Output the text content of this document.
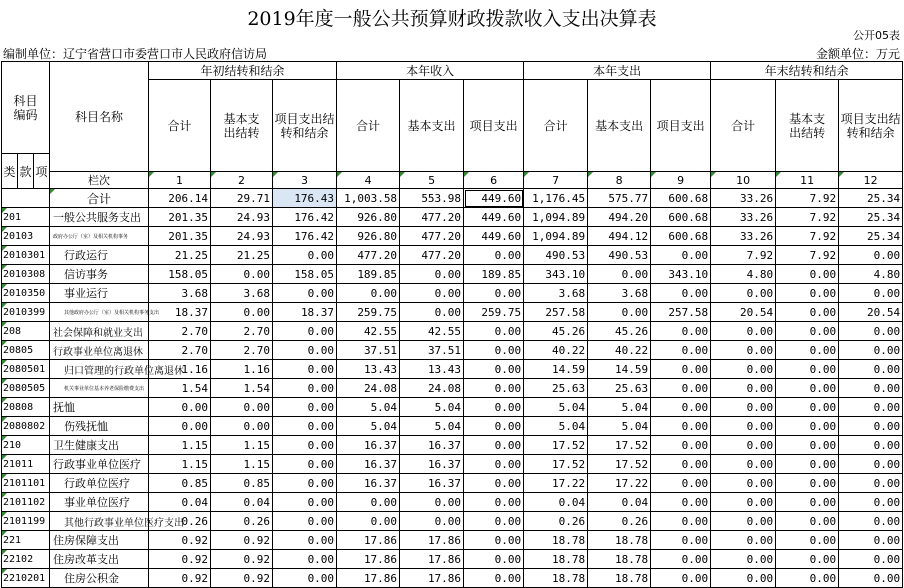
2019年度一般公共预算财政拨款收入支出决算表
公开05表
编制单位：辽宁省营口市委营口市人民政府信访局	金额单位：万元
科目编码			科目名称	年初结转和结余			本年收入			本年支出			年末结转和结余		
				合计	基本支出结转	项目支出结转和结余	合计	基本支出	项目支出	合计	基本支出	项目支出	合计	基本支出结转	项目支出结转和结余
类	款	项													
			栏次	1	2	3	4	5	6	7	8	9	10	11	12
			合计	206.14	29.71	176.43	1,003.58	553.98	449.60	1,176.45	575.77	600.68	33.26	7.92	25.34
201			一般公共服务支出	201.35	24.93	176.42	926.80	477.20	449.60	1,094.89	494.20	600.68	33.26	7.92	25.34
20103			政府办公厅（室）及相关机构事务	201.35	24.93	176.42	926.80	477.20	449.60	1,094.89	494.12	600.68	33.26	7.92	25.34
2010301			行政运行	21.25	21.25	0.00	477.20	477.20	0.00	490.53	490.53	0.00	7.92	7.92	0.00
2010308			信访事务	158.05	0.00	158.05	189.85	0.00	189.85	343.10	0.00	343.10	4.80	0.00	4.80
2010350			事业运行	3.68	3.68	0.00	0.00	0.00	0.00	3.68	3.68	0.00	0.00	0.00	0.00
2010399			其他政府办公厅（室）及相关机构事务支出	18.37	0.00	18.37	259.75	0.00	259.75	257.58	0.00	257.58	20.54	0.00	20.54
208			社会保障和就业支出	2.70	2.70	0.00	42.55	42.55	0.00	45.26	45.26	0.00	0.00	0.00	0.00
20805			行政事业单位离退休	2.70	2.70	0.00	37.51	37.51	0.00	40.22	40.22	0.00	0.00	0.00	0.00
2080501			归口管理的行政单位离退休	1.16	1.16	0.00	13.43	13.43	0.00	14.59	14.59	0.00	0.00	0.00	0.00
2080505			机关事业单位基本养老保险缴费支出	1.54	1.54	0.00	24.08	24.08	0.00	25.63	25.63	0.00	0.00	0.00	0.00
20808			抚恤	0.00	0.00	0.00	5.04	5.04	0.00	5.04	5.04	0.00	0.00	0.00	0.00
2080802			伤残抚恤	0.00	0.00	0.00	5.04	5.04	0.00	5.04	5.04	0.00	0.00	0.00	0.00
210			卫生健康支出	1.15	1.15	0.00	16.37	16.37	0.00	17.52	17.52	0.00	0.00	0.00	0.00
21011			行政事业单位医疗	1.15	1.15	0.00	16.37	16.37	0.00	17.52	17.52	0.00	0.00	0.00	0.00
2101101			行政单位医疗	0.85	0.85	0.00	16.37	16.37	0.00	17.22	17.22	0.00	0.00	0.00	0.00
2101102			事业单位医疗	0.04	0.04	0.00	0.00	0.00	0.00	0.04	0.04	0.00	0.00	0.00	0.00
2101199			其他行政事业单位医疗支出	0.26	0.26	0.00	0.00	0.00	0.00	0.26	0.26	0.00	0.00	0.00	0.00
221			住房保障支出	0.92	0.92	0.00	17.86	17.86	0.00	18.78	18.78	0.00	0.00	0.00	0.00
22102			住房改革支出	0.92	0.92	0.00	17.86	17.86	0.00	18.78	18.78	0.00	0.00	0.00	0.00
2210201			住房公积金	0.92	0.92	0.00	17.86	17.86	0.00	18.78	18.78	0.00	0.00	0.00	0.00
